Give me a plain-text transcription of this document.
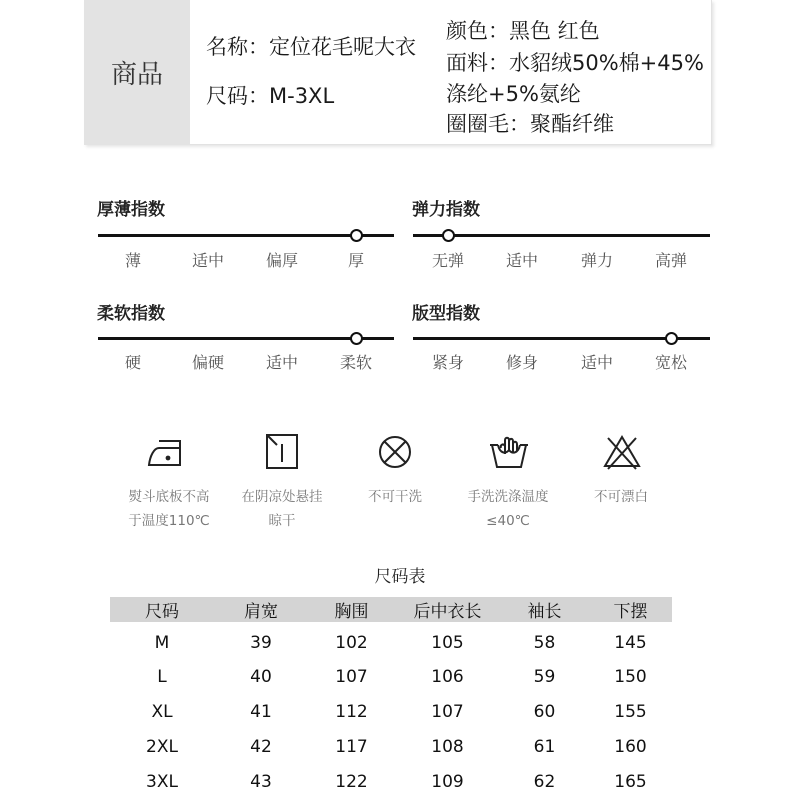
商品
名称：定位花毛呢大衣
尺码：M-3XL
颜色：黑色 红色
面料：水貂绒50%棉+45%
涤纶+5%氨纶
圈圈毛：聚酯纤维
厚薄指数
薄	适中	偏厚	厚
弹力指数
无弹	适中	弹力	高弹
柔软指数
硬	偏硬	适中	柔软
版型指数
紧身	修身	适中	宽松
熨斗底板不高
于温度110℃
在阴凉处悬挂
晾干
不可干洗	手洗洗涤温度
≤40℃
不可漂白
尺码表
尺码	肩宽	胸围	后中衣长	袖长	下摆
M	39	102	105	58	145
L	40	107	106	59	150
XL	41	112	107	60	155
2XL	42	117	108	61	160
3XL	43	122	109	62	165
